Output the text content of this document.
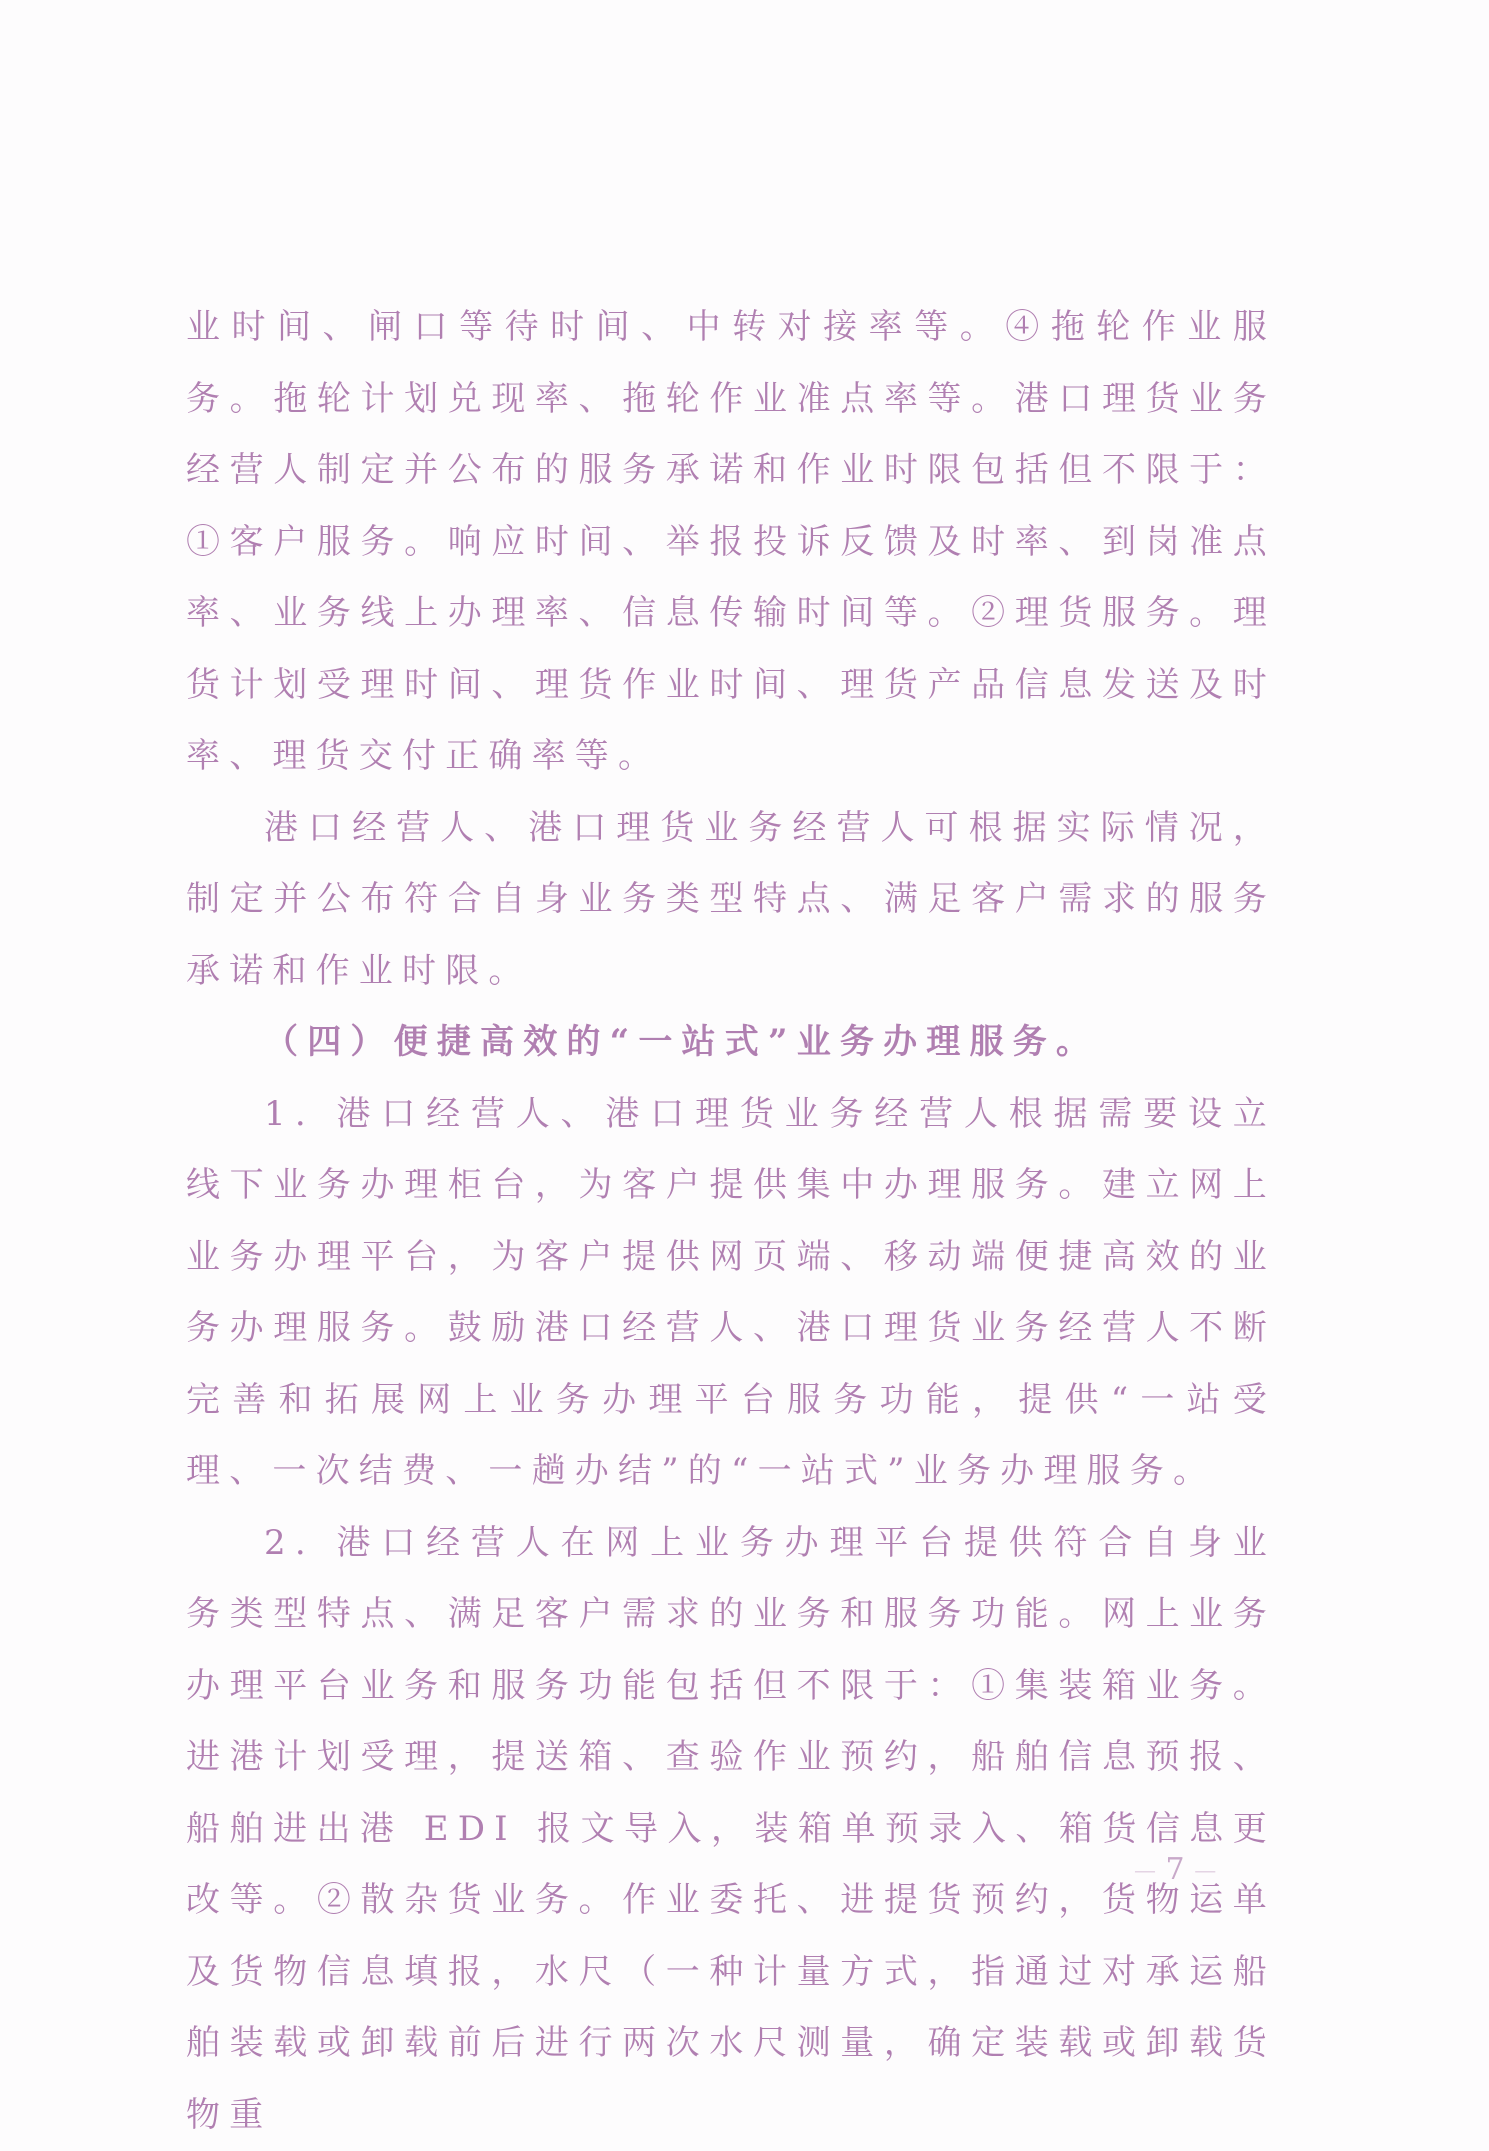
业时间、闸口等待时间、中转对接率等。④拖轮作业服务。拖轮计划兑现率、拖轮作业准点率等。港口理货业务经营人制定并公布的服务承诺和作业时限包括但不限于：①客户服务。响应时间、举报投诉反馈及时率、到岗准点率、业务线上办理率、信息传输时间等。②理货服务。理货计划受理时间、理货作业时间、理货产品信息发送及时率、理货交付正确率等。

港口经营人、港口理货业务经营人可根据实际情况，制定并公布符合自身业务类型特点、满足客户需求的服务承诺和作业时限。

（四）便捷高效的“一站式”业务办理服务。

1. 港口经营人、港口理货业务经营人根据需要设立线下业务办理柜台，为客户提供集中办理服务。建立网上业务办理平台，为客户提供网页端、移动端便捷高效的业务办理服务。鼓励港口经营人、港口理货业务经营人不断完善和拓展网上业务办理平台服务功能，提供“一站受理、一次结费、一趟办结”的“一站式”业务办理服务。

2. 港口经营人在网上业务办理平台提供符合自身业务类型特点、满足客户需求的业务和服务功能。网上业务办理平台业务和服务功能包括但不限于：①集装箱业务。进港计划受理，提送箱、查验作业预约，船舶信息预报、船舶进出港 EDI 报文导入，装箱单预录入、箱货信息更改等。②散杂货业务。作业委托、进提货预约，货物运单及货物信息填报，水尺（一种计量方式，指通过对承运船舶装载或卸载前后进行两次水尺测量，确定装载或卸载货物重

— 7 —
